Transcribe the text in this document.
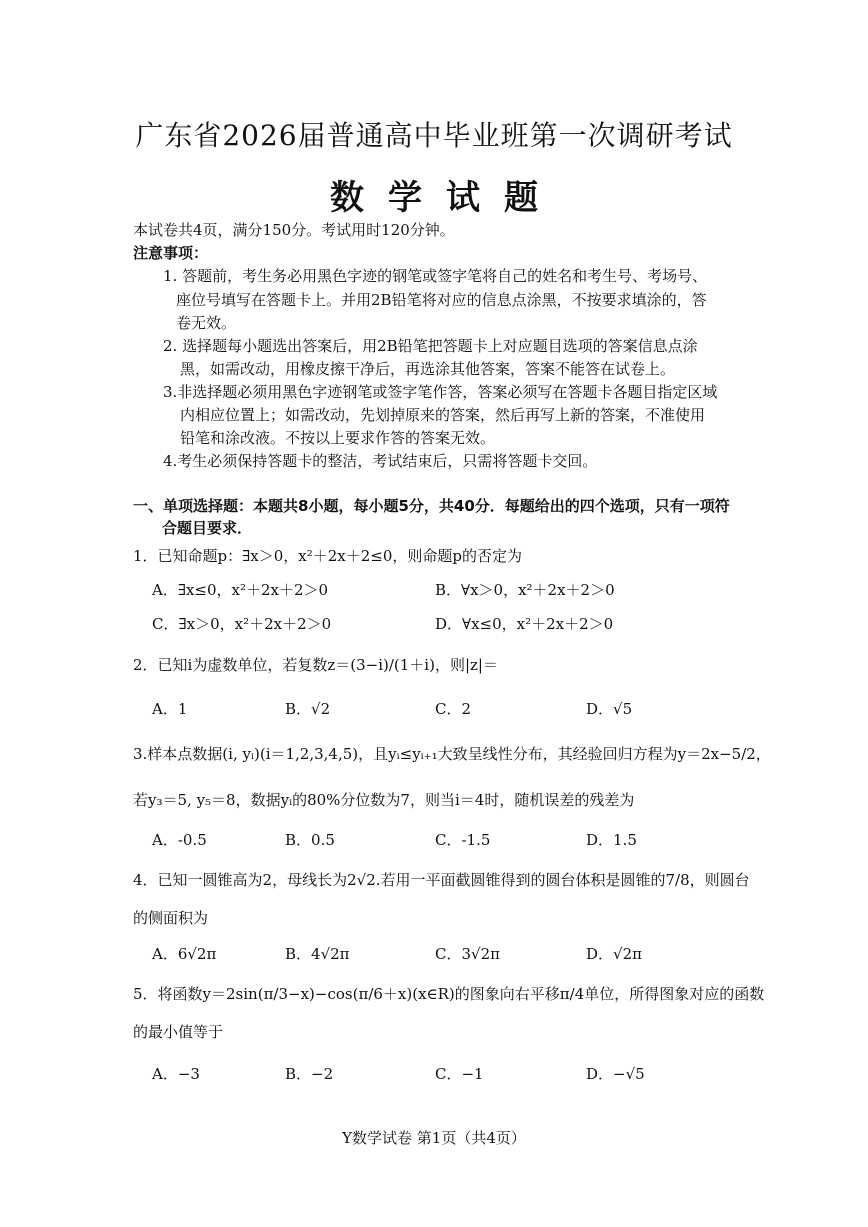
广东省2026届普通高中毕业班第一次调研考试
数学试题
本试卷共4页，满分150分。考试用时120分钟。
注意事项：
1. 答题前，考生务必用黑色字迹的钢笔或签字笔将自己的姓名和考生号、考场号、
座位号填写在答题卡上。并用2B铅笔将对应的信息点涂黑，不按要求填涂的，答
卷无效。
2. 选择题每小题选出答案后，用2B铅笔把答题卡上对应题目选项的答案信息点涂
黑，如需改动，用橡皮擦干净后，再选涂其他答案，答案不能答在试卷上。
3.非选择题必须用黑色字迹钢笔或签字笔作答，答案必须写在答题卡各题目指定区域
内相应位置上；如需改动，先划掉原来的答案，然后再写上新的答案，不准使用
铅笔和涂改液。不按以上要求作答的答案无效。
4.考生必须保持答题卡的整洁，考试结束后，只需将答题卡交回。
一、单项选择题：本题共8小题，每小题5分，共40分．每题给出的四个选项，只有一项符
合题目要求．
1．已知命题p：∃x＞0，x²＋2x＋2≤0，则命题p的否定为
A．∃x≤0，x²＋2x＋2＞0	B．∀x＞0，x²＋2x＋2＞0
C．∃x＞0，x²＋2x＋2＞0	D．∀x≤0，x²＋2x＋2＞0
2．已知i为虚数单位，若复数z＝(3−i)/(1＋i)，则|z|＝
A．1	B．√2	C．2	D．√5
3.样本点数据(i, yᵢ)(i＝1,2,3,4,5)，且yᵢ≤yᵢ₊₁大致呈线性分布，其经验回归方程为y＝2x−5/2，
若y₃＝5, y₅＝8，数据yᵢ的80%分位数为7，则当i＝4时，随机误差的残差为
A．-0.5	B．0.5	C．-1.5	D．1.5
4．已知一圆锥高为2，母线长为2√2.若用一平面截圆锥得到的圆台体积是圆锥的7/8，则圆台
的侧面积为
A．6√2π	B．4√2π	C．3√2π	D．√2π
5．将函数y＝2sin(π/3−x)−cos(π/6＋x)(x∈R)的图象向右平移π/4单位，所得图象对应的函数
的最小值等于
A．−3	B．−2	C．−1	D．−√5
Y数学试卷 第1页（共4页）
